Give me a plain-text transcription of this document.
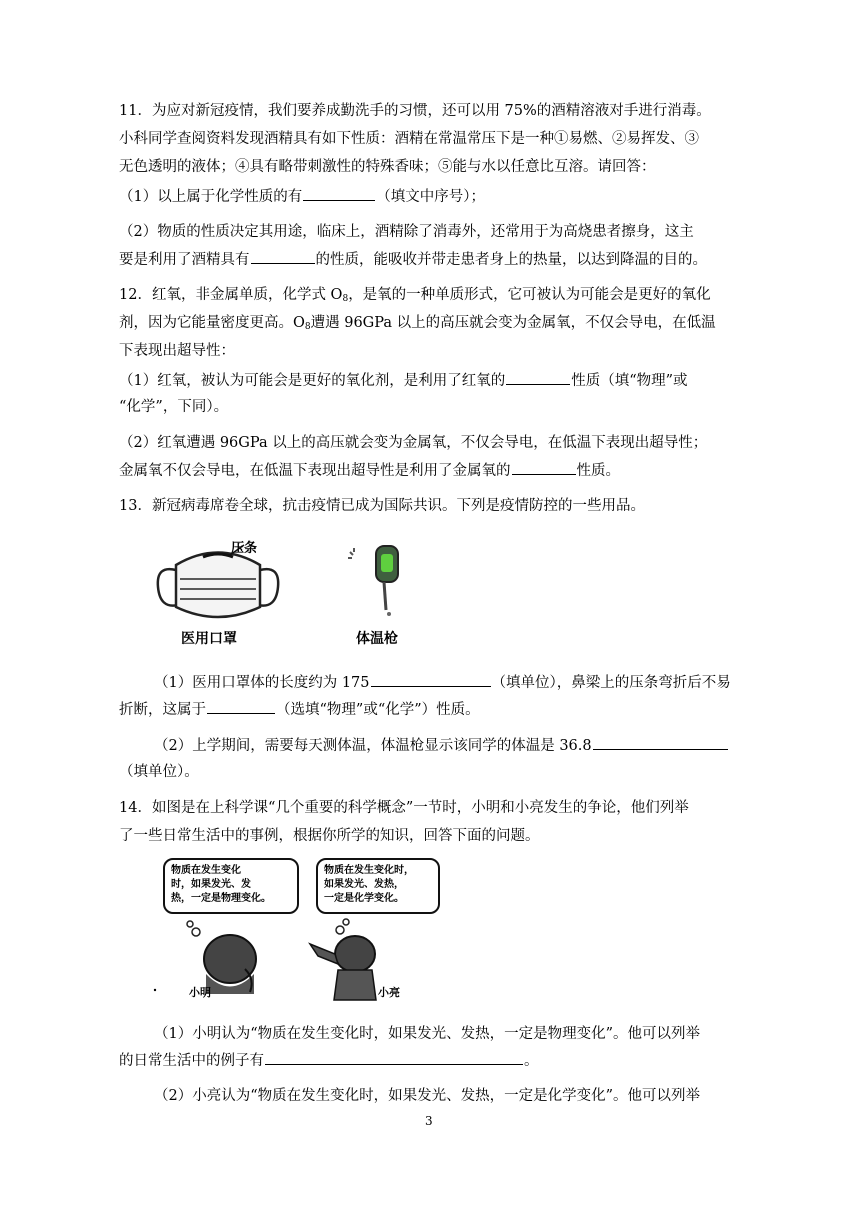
11．为应对新冠疫情，我们要养成勤洗手的习惯，还可以用 75%的酒精溶液对手进行消毒。
小科同学查阅资料发现酒精具有如下性质：酒精在常温常压下是一种①易燃、②易挥发、③
无色透明的液体；④具有略带刺激性的特殊香味；⑤能与水以任意比互溶。请回答：
（1）以上属于化学性质的有	（填文中序号）；
（2）物质的性质决定其用途，临床上，酒精除了消毒外，还常用于为高烧患者擦身，这主
要是利用了酒精具有	的性质，能吸收并带走患者身上的热量，以达到降温的目的。
12．红氧，非金属单质，化学式 $O_8$，是氧的一种单质形式，它可被认为可能会是更好的氧化
剂，因为它能量密度更高。$O_8$遭遇 96GPa 以上的高压就会变为金属氧，不仅会导电，在低温
下表现出超导性：
（1）红氧，被认为可能会是更好的氧化剂，是利用了红氧的	性质（填“物理”或
“化学”，下同）。
（2）红氧遭遇 96GPa 以上的高压就会变为金属氧，不仅会导电，在低温下表现出超导性；
金属氧不仅会导电，在低温下表现出超导性是利用了金属氧的	性质。
13．新冠病毒席卷全球，抗击疫情已成为国际共识。下列是疫情防控的一些用品。
压条
医用口罩	体温枪
（1）医用口罩体的长度约为 175	（填单位），鼻梁上的压条弯折后不易
折断，这属于	（选填“物理”或“化学”）性质。
（2）上学期间，需要每天测体温，体温枪显示该同学的体温是 36.8
（填单位）。
14．如图是在上科学课“几个重要的科学概念”一节时，小明和小亮发生的争论，他们列举
了一些日常生活中的事例，根据你所学的知识，回答下面的问题。
物质在发生变化
时，如果发光、发
热，一定是物理变化。
物质在发生变化时，
如果发光、发热，
一定是化学变化。
小明	小亮
（1）小明认为“物质在发生变化时，如果发光、发热，一定是物理变化”。他可以列举
的日常生活中的例子有	。
（2）小亮认为“物质在发生变化时，如果发光、发热，一定是化学变化”。他可以列举
3
